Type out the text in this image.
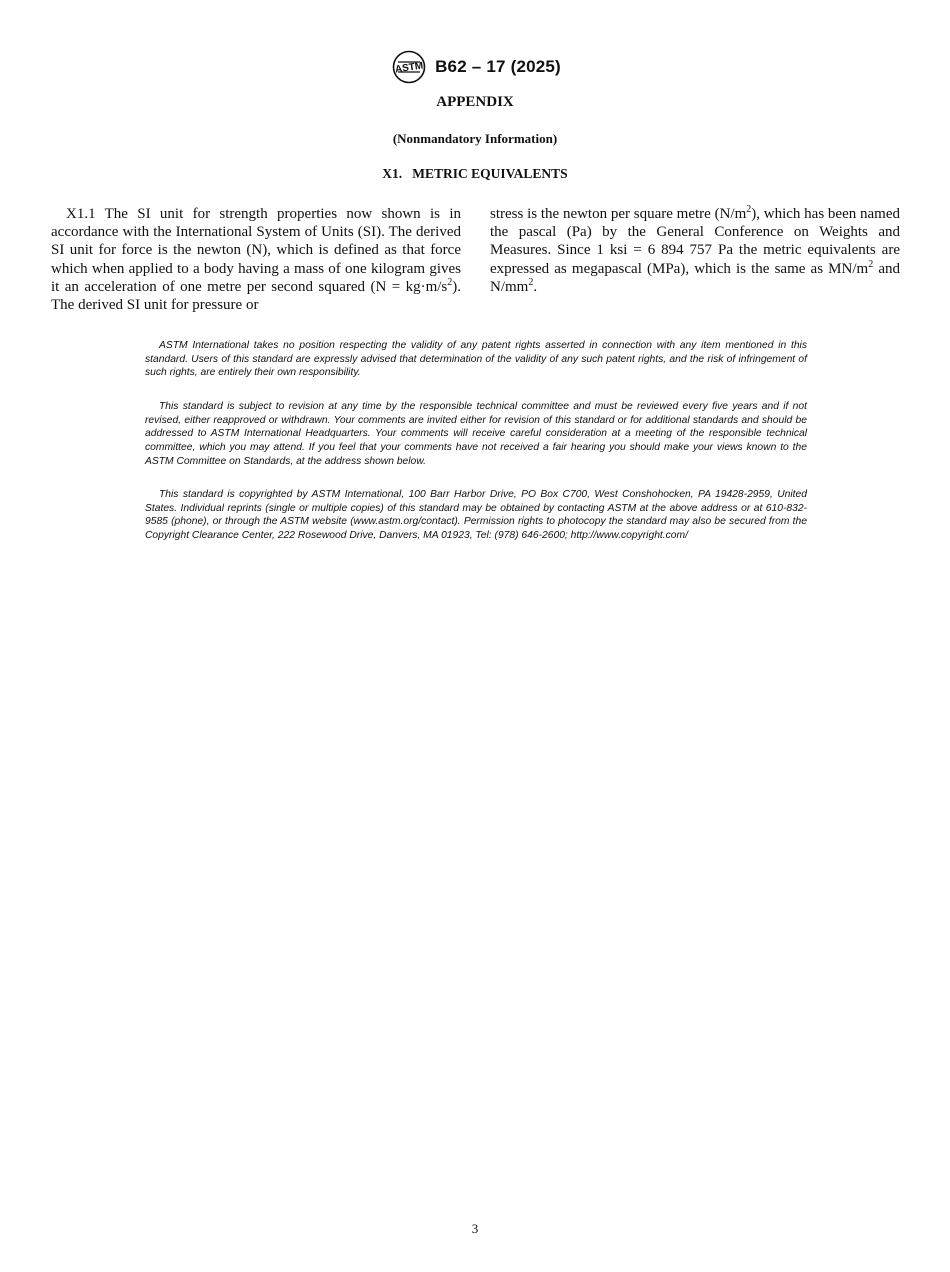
ASTM B62 – 17 (2025)
APPENDIX
(Nonmandatory Information)
X1.   METRIC EQUIVALENTS

X1.1 The SI unit for strength properties now shown is in accordance with the International System of Units (SI). The derived SI unit for force is the newton (N), which is defined as that force which when applied to a body having a mass of one kilogram gives it an acceleration of one metre per second squared $(N = kg\cdot m/s^2)$. The derived SI unit for pressure or

stress is the newton per square metre $(N/m^2)$, which has been named the pascal (Pa) by the General Conference on Weights and Measures. Since 1 ksi = 6 894 757 Pa the metric equivalents are expressed as megapascal (MPa), which is the same as $MN/m^2$ and $N/mm^2$.

ASTM International takes no position respecting the validity of any patent rights asserted in connection with any item mentioned in this standard. Users of this standard are expressly advised that determination of the validity of any such patent rights, and the risk of infringement of such rights, are entirely their own responsibility.

This standard is subject to revision at any time by the responsible technical committee and must be reviewed every five years and if not revised, either reapproved or withdrawn. Your comments are invited either for revision of this standard or for additional standards and should be addressed to ASTM International Headquarters. Your comments will receive careful consideration at a meeting of the responsible technical committee, which you may attend. If you feel that your comments have not received a fair hearing you should make your views known to the ASTM Committee on Standards, at the address shown below.

This standard is copyrighted by ASTM International, 100 Barr Harbor Drive, PO Box C700, West Conshohocken, PA 19428-2959, United States. Individual reprints (single or multiple copies) of this standard may be obtained by contacting ASTM at the above address or at 610-832-9585 (phone), or through the ASTM website (www.astm.org/contact). Permission rights to photocopy the standard may also be secured from the Copyright Clearance Center, 222 Rosewood Drive, Danvers, MA 01923, Tel: (978) 646-2600; http://www.copyright.com/

3
